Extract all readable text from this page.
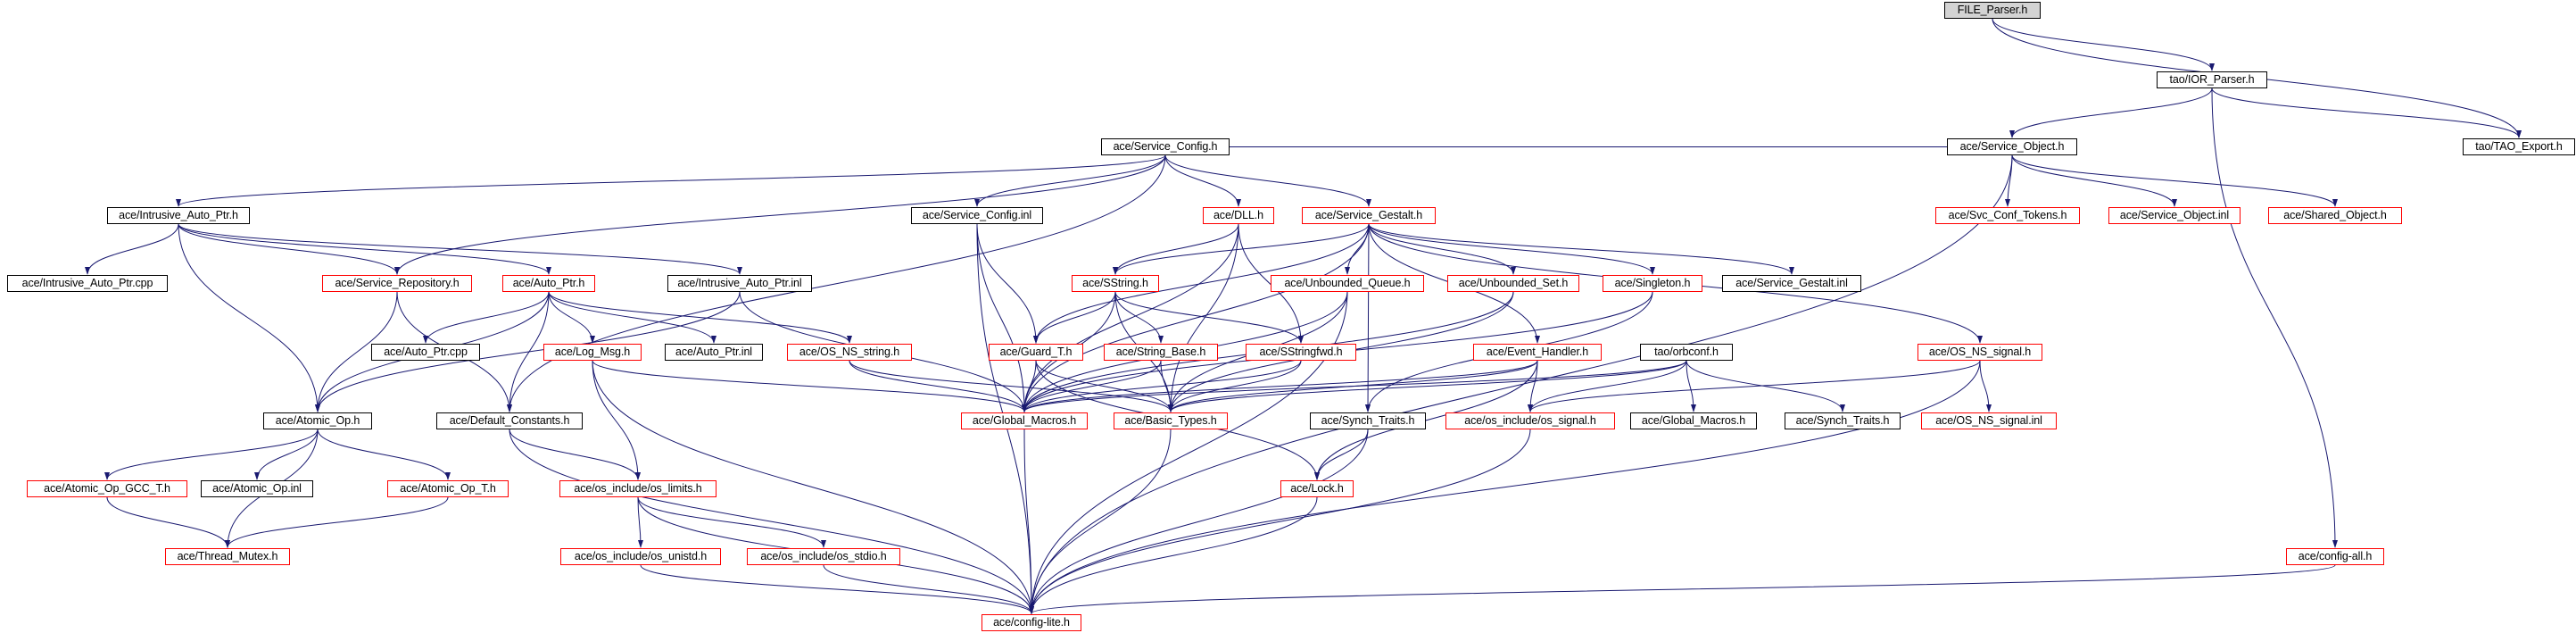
FILE_Parser.h
tao/IOR_Parser.h
tao/TAO_Export.h
ace/Service_Object.h
ace/Service_Config.h
ace/Svc_Conf_Tokens.h	ace/Service_Object.inl	ace/Shared_Object.h
ace/Intrusive_Auto_Ptr.h	ace/Service_Config.inl	ace/DLL.h	ace/Service_Gestalt.h
ace/Intrusive_Auto_Ptr.cpp	ace/Service_Repository.h	ace/Auto_Ptr.h	ace/Intrusive_Auto_Ptr.inl	ace/SString.h	ace/Unbounded_Queue.h	ace/Unbounded_Set.h	ace/Singleton.h	ace/Service_Gestalt.inl
ace/Auto_Ptr.cpp	ace/Log_Msg.h	ace/Auto_Ptr.inl	ace/OS_NS_string.h	ace/Guard_T.h	ace/String_Base.h	ace/SStringfwd.h	ace/Event_Handler.h	tao/orbconf.h	ace/OS_NS_signal.h
ace/Atomic_Op.h	ace/Default_Constants.h	ace/Global_Macros.h	ace/Basic_Types.h	ace/Synch_Traits.h	ace/os_include/os_signal.h	ace/Global_Macros.h	ace/Synch_Traits.h	ace/OS_NS_signal.inl
ace/Atomic_Op_GCC_T.h	ace/Atomic_Op.inl	ace/Atomic_Op_T.h	ace/os_include/os_limits.h	ace/Lock.h
ace/Thread_Mutex.h	ace/os_include/os_unistd.h	ace/os_include/os_stdio.h	ace/config-all.h
ace/config-lite.h
